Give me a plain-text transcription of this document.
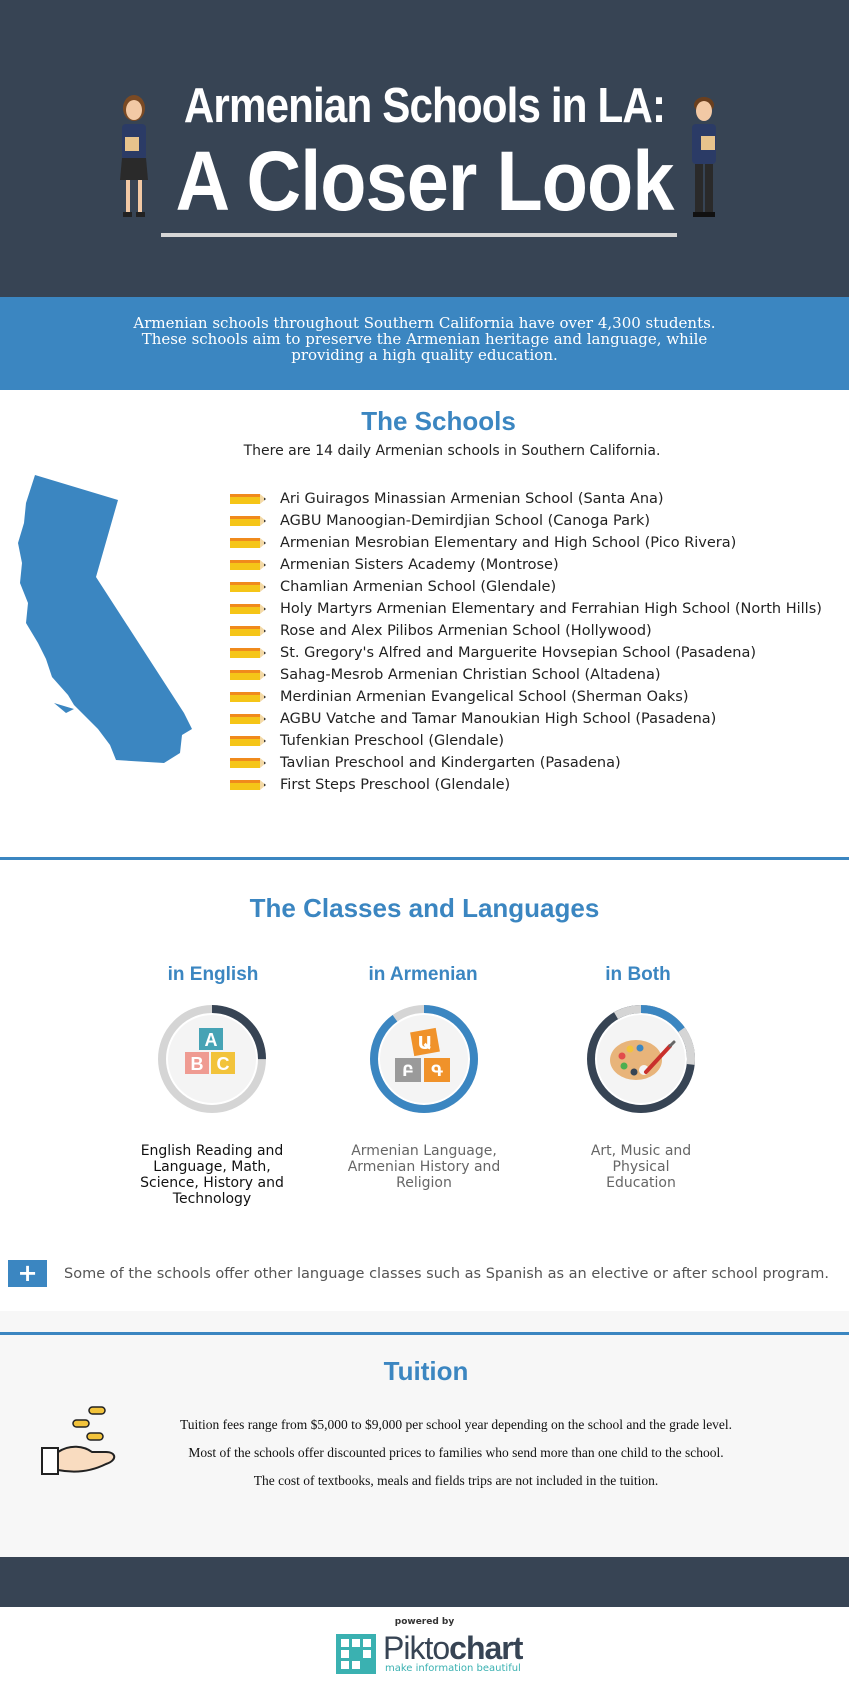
Armenian Schools in LA:
A Closer Look

Armenian schools throughout Southern California have over 4,300 students. These schools aim to preserve the Armenian heritage and language, while providing a high quality education.

The Schools
There are 14 daily Armenian schools in Southern California.
Ari Guiragos Minassian Armenian School (Santa Ana)
AGBU Manoogian-Demirdjian School (Canoga Park)
Armenian Mesrobian Elementary and High School (Pico Rivera)
Armenian Sisters Academy (Montrose)
Chamlian Armenian School (Glendale)
Holy Martyrs Armenian Elementary and Ferrahian High School (North Hills)
Rose and Alex Pilibos Armenian School (Hollywood)
St. Gregory's Alfred and Marguerite Hovsepian School (Pasadena)
Sahag-Mesrob Armenian Christian School (Altadena)
Merdinian Armenian Evangelical School (Sherman Oaks)
AGBU Vatche and Tamar Manoukian High School (Pasadena)
Tufenkian Preschool (Glendale)
Tavlian Preschool and Kindergarten (Pasadena)
First Steps Preschool (Glendale)
The Classes and Languages
in English	in Armenian	in Both
A
B C
Ա
Բ Գ
English Reading and Language, Math, Science, History and Technology
Armenian Language, Armenian History and Religion
Art, Music and Physical Education
+	Some of the schools offer other language classes such as Spanish as an elective or after school program.
Tuition
Tuition fees range from $5,000 to $9,000 per school year depending on the school and the grade level.
Most of the schools offer discounted prices to families who send more than one child to the school.
The cost of textbooks, meals and fields trips are not included in the tuition.
powered by
Piktochart
make information beautiful
